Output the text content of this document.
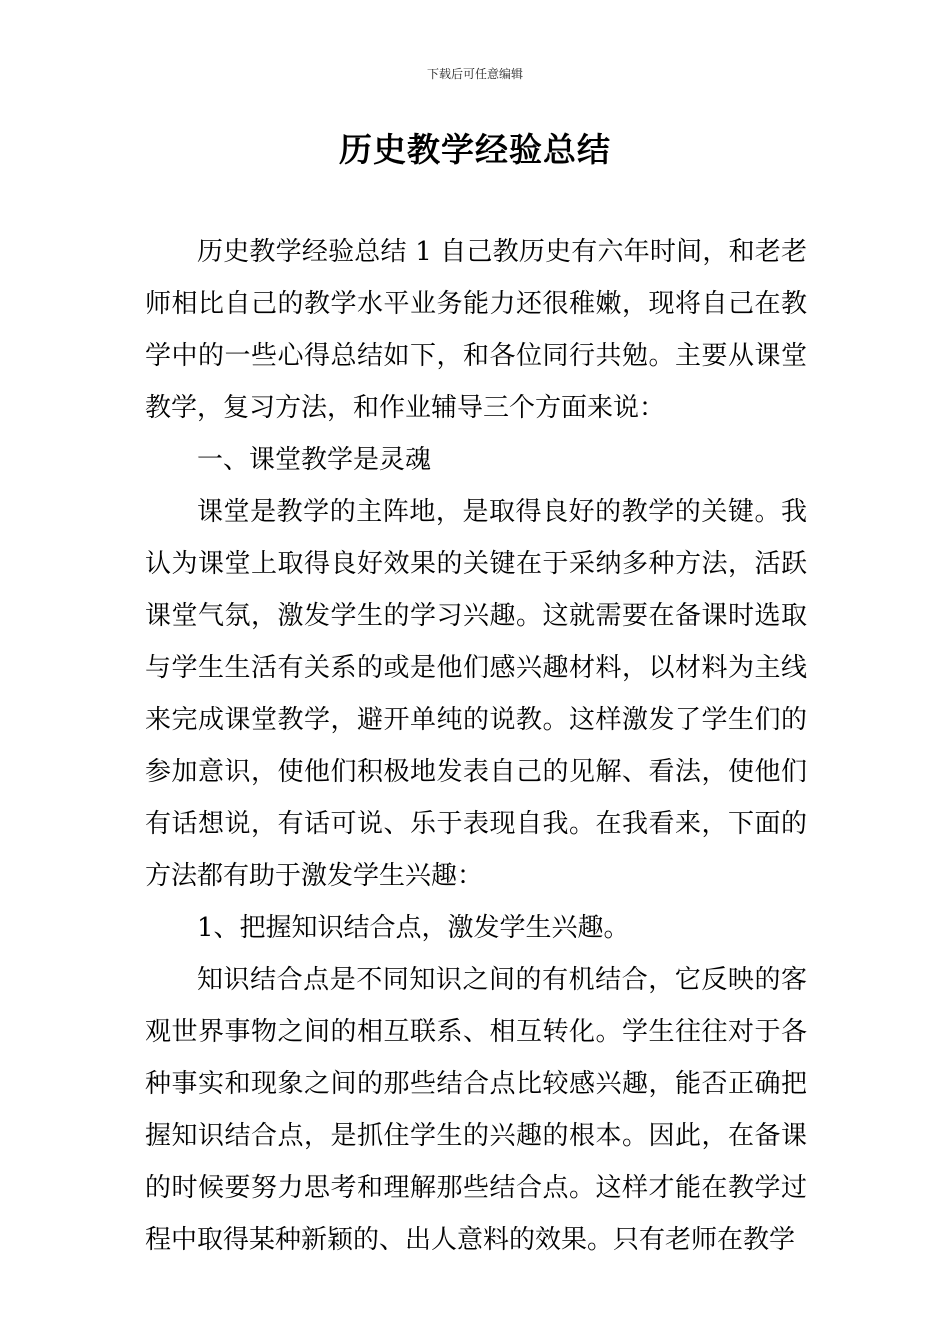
下载后可任意编辑
历史教学经验总结

历史教学经验总结 1 自己教历史有六年时间，和老老师相比自己的教学水平业务能力还很稚嫩，现将自己在教学中的一些心得总结如下，和各位同行共勉。主要从课堂教学，复习方法，和作业辅导三个方面来说：

一、课堂教学是灵魂

课堂是教学的主阵地，是取得良好的教学的关键。我认为课堂上取得良好效果的关键在于采纳多种方法，活跃课堂气氛，激发学生的学习兴趣。这就需要在备课时选取与学生生活有关系的或是他们感兴趣材料，以材料为主线来完成课堂教学，避开单纯的说教。这样激发了学生们的参加意识，使他们积极地发表自己的见解、看法，使他们有话想说，有话可说、乐于表现自我。在我看来，下面的方法都有助于激发学生兴趣：

1、把握知识结合点，激发学生兴趣。

知识结合点是不同知识之间的有机结合，它反映的客观世界事物之间的相互联系、相互转化。学生往往对于各种事实和现象之间的那些结合点比较感兴趣，能否正确把握知识结合点，是抓住学生的兴趣的根本。因此，在备课的时候要努力思考和理解那些结合点。这样才能在教学过程中取得某种新颖的、出人意料的效果。只有老师在教学
